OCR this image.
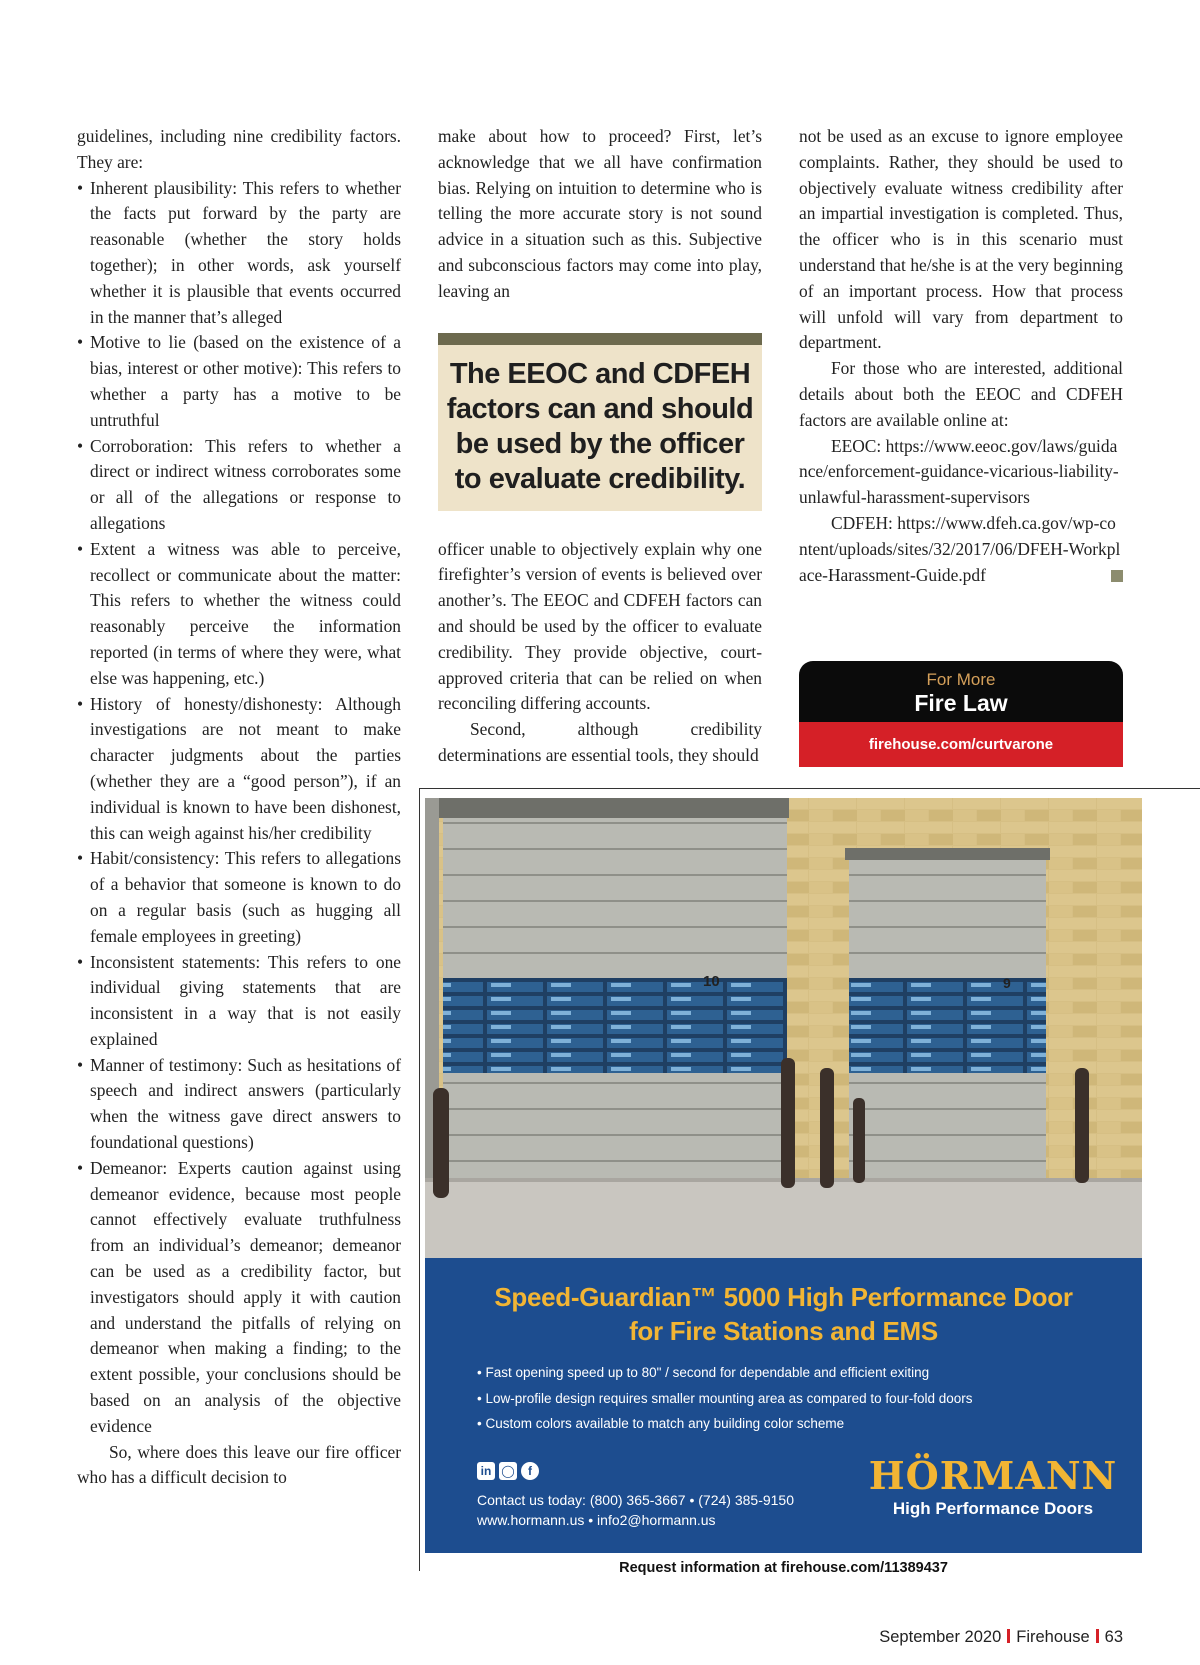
guidelines, including nine credibility factors. They are:

• Inherent plausibility: This refers to whether the facts put forward by the party are reasonable (whether the story holds together); in other words, ask yourself whether it is plausible that events occurred in the manner that’s alleged
• Motive to lie (based on the existence of a bias, interest or other motive): This refers to whether a party has a motive to be untruthful
• Corroboration: This refers to whether a direct or indirect witness corroborates some or all of the allegations or response to allegations
• Extent a witness was able to perceive, recollect or communicate about the matter: This refers to whether the witness could reasonably perceive the information reported (in terms of where they were, what else was happening, etc.)
• History of honesty/dishonesty: Although investigations are not meant to make character judgments about the parties (whether they are a “good person”), if an individual is known to have been dishonest, this can weigh against his/her credibility
• Habit/consistency: This refers to allegations of a behavior that someone is known to do on a regular basis (such as hugging all female employees in greeting)
• Inconsistent statements: This refers to one individual giving statements that are inconsistent in a way that is not easily explained
• Manner of testimony: Such as hesitations of speech and indirect answers (particularly when the witness gave direct answers to foundational questions)
• Demeanor: Experts caution against using demeanor evidence, because most people cannot effectively evaluate truthfulness from an individual’s demeanor; demeanor can be used as a credibility factor, but investigators should apply it with caution and understand the pitfalls of relying on demeanor when making a finding; to the extent possible, your conclusions should be based on an analysis of the objective evidence

So, where does this leave our fire officer who has a difficult decision to

make about how to proceed? First, let’s acknowledge that we all have confirmation bias. Relying on intuition to determine who is telling the more accurate story is not sound advice in a situation such as this. Subjective and subconscious factors may come into play, leaving an

The EEOC and CDFEH factors can and should be used by the officer to evaluate credibility.

officer unable to objectively explain why one firefighter’s version of events is believed over another’s. The EEOC and CDFEH factors can and should be used by the officer to evaluate credibility. They provide objective, court-approved criteria that can be relied on when reconciling differing accounts.

Second, although credibility determinations are essential tools, they should

not be used as an excuse to ignore employee complaints. Rather, they should be used to objectively evaluate witness credibility after an impartial investigation is completed. Thus, the officer who is in this scenario must understand that he/she is at the very beginning of an important process. How that process will unfold will vary from department to department.

For those who are interested, additional details about both the EEOC and CDFEH factors are available online at:

EEOC: https://www.eeoc.gov/laws/guidance/enforcement-guidance-vicarious-liability-unlawful-harassment-supervisors

CDFEH: https://www.dfeh.ca.gov/wp-content/uploads/sites/32/2017/06/DFEH-Workplace-Harassment-Guide.pdf

For More
Fire Law
firehouse.com/curtvarone
10	9
Speed-Guardian™ 5000 High Performance Door
for Fire Stations and EMS
• Fast opening speed up to 80" / second for dependable and efficient exiting
• Low-profile design requires smaller mounting area as compared to four-fold doors
• Custom colors available to match any building color scheme
in ◯	f
Contact us today: (800) 365-3667 • (724) 385-9150
www.hormann.us • info2@hormann.us
HÖRMANN
High Performance Doors
Request information at firehouse.com/11389437
September 2020 Firehouse 63
